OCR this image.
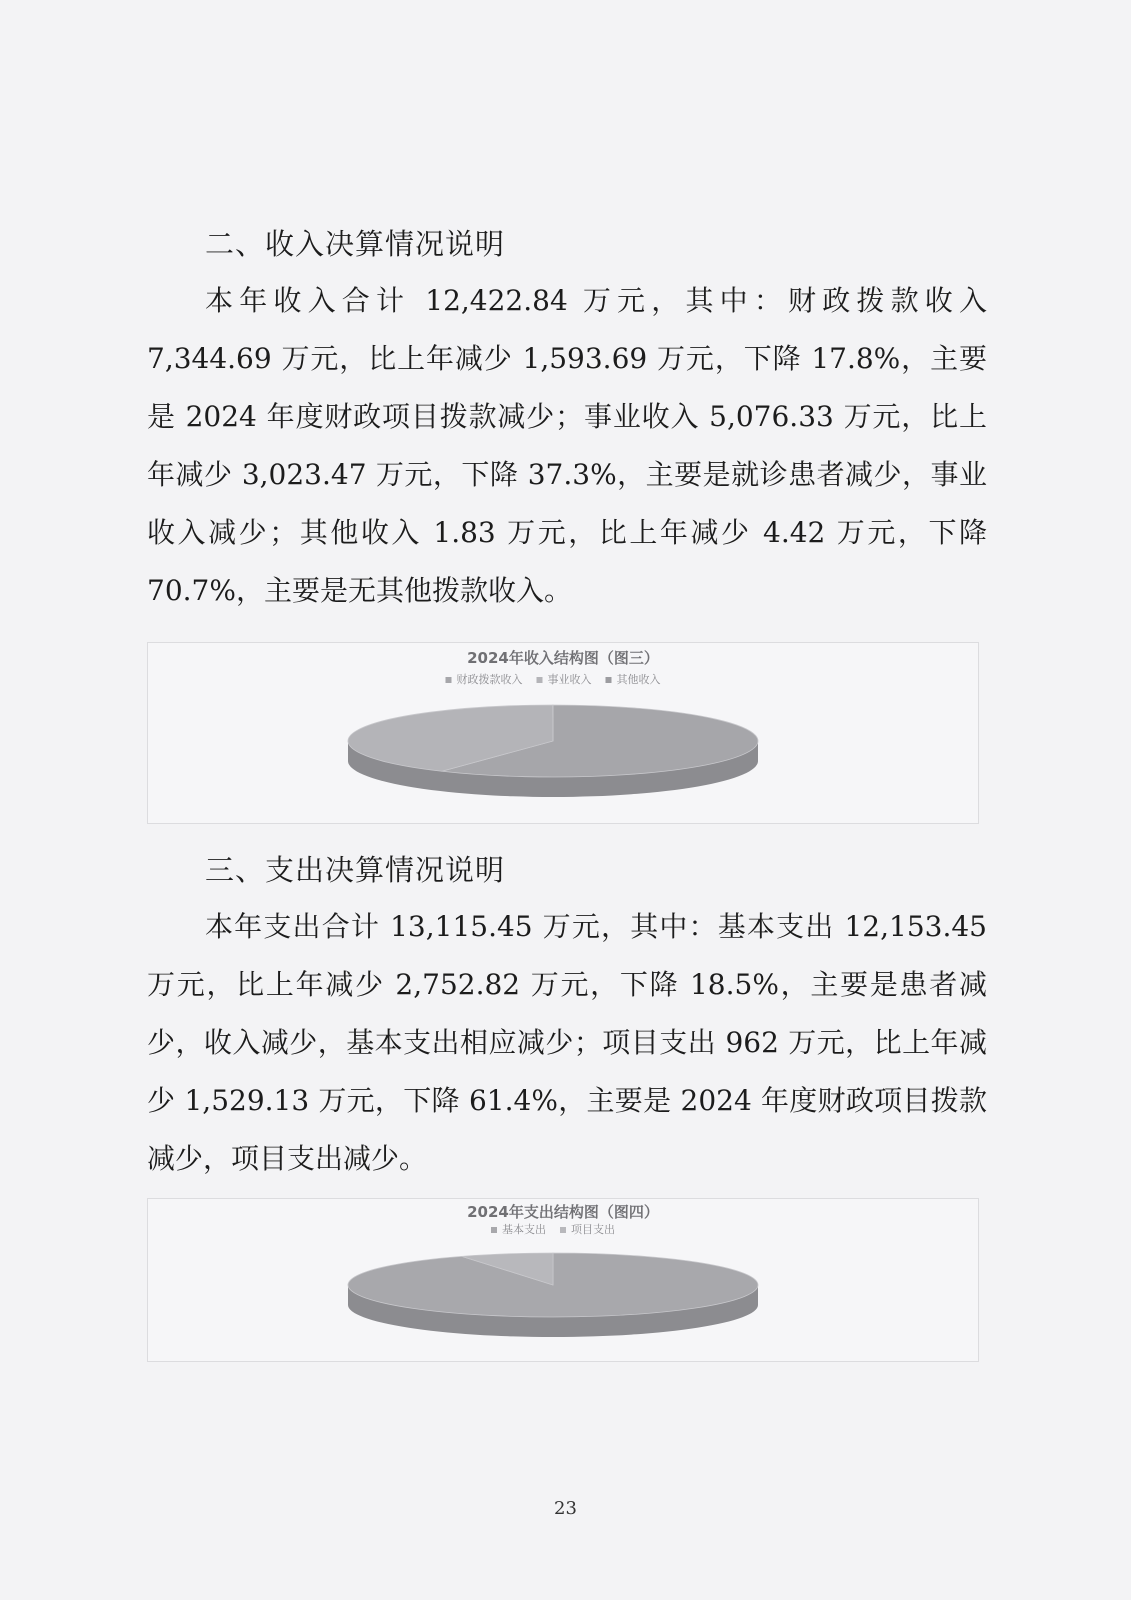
二、收入决算情况说明

本年收入合计 12,422.84 万元，其中：财政拨款收入 7,344.69 万元，比上年减少 1,593.69 万元，下降 17.8%，主要是 2024 年度财政项目拨款减少；事业收入 5,076.33 万元，比上年减少 3,023.47 万元，下降 37.3%，主要是就诊患者减少，事业收入减少；其他收入 1.83 万元，比上年减少 4.42 万元，下降 70.7%，主要是无其他拨款收入。

2024年收入结构图（图三）
财政拨款收入 事业收入 其他收入
三、支出决算情况说明

本年支出合计 13,115.45 万元，其中：基本支出 12,153.45 万元，比上年减少 2,752.82 万元，下降 18.5%，主要是患者减少，收入减少，基本支出相应减少；项目支出 962 万元，比上年减少 1,529.13 万元，下降 61.4%，主要是 2024 年度财政项目拨款减少，项目支出减少。

2024年支出结构图（图四）
基本支出 项目支出
23
